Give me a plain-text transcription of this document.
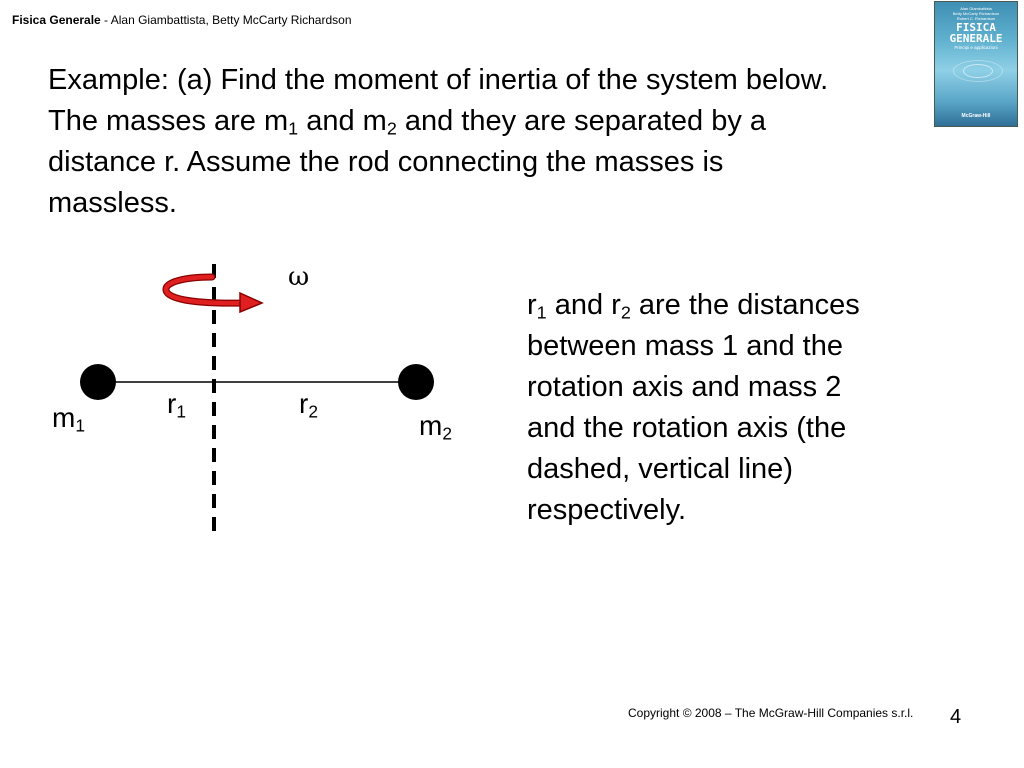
Fisica Generale - Alan Giambattista, Betty McCarty Richardson
Alan Giambattista
Betty McCarty Richardson
Robert C. Richardson
FISICA
GENERALE
Principi e applicazioni
McGraw-Hill
Example: (a) Find the moment of inertia of the system below.
The masses are $m_1$ and $m_2$ and they are separated by a
distance r. Assume the rod connecting the masses is
massless.
ω
$m_1$	$m_2$
$r_1$	$r_2$
$r_1$ and $r_2$ are the distances
between mass 1 and the
rotation axis and mass 2
and the rotation axis (the
dashed, vertical line)
respectively.
Copyright © 2008 – The McGraw-Hill Companies s.r.l. 4
